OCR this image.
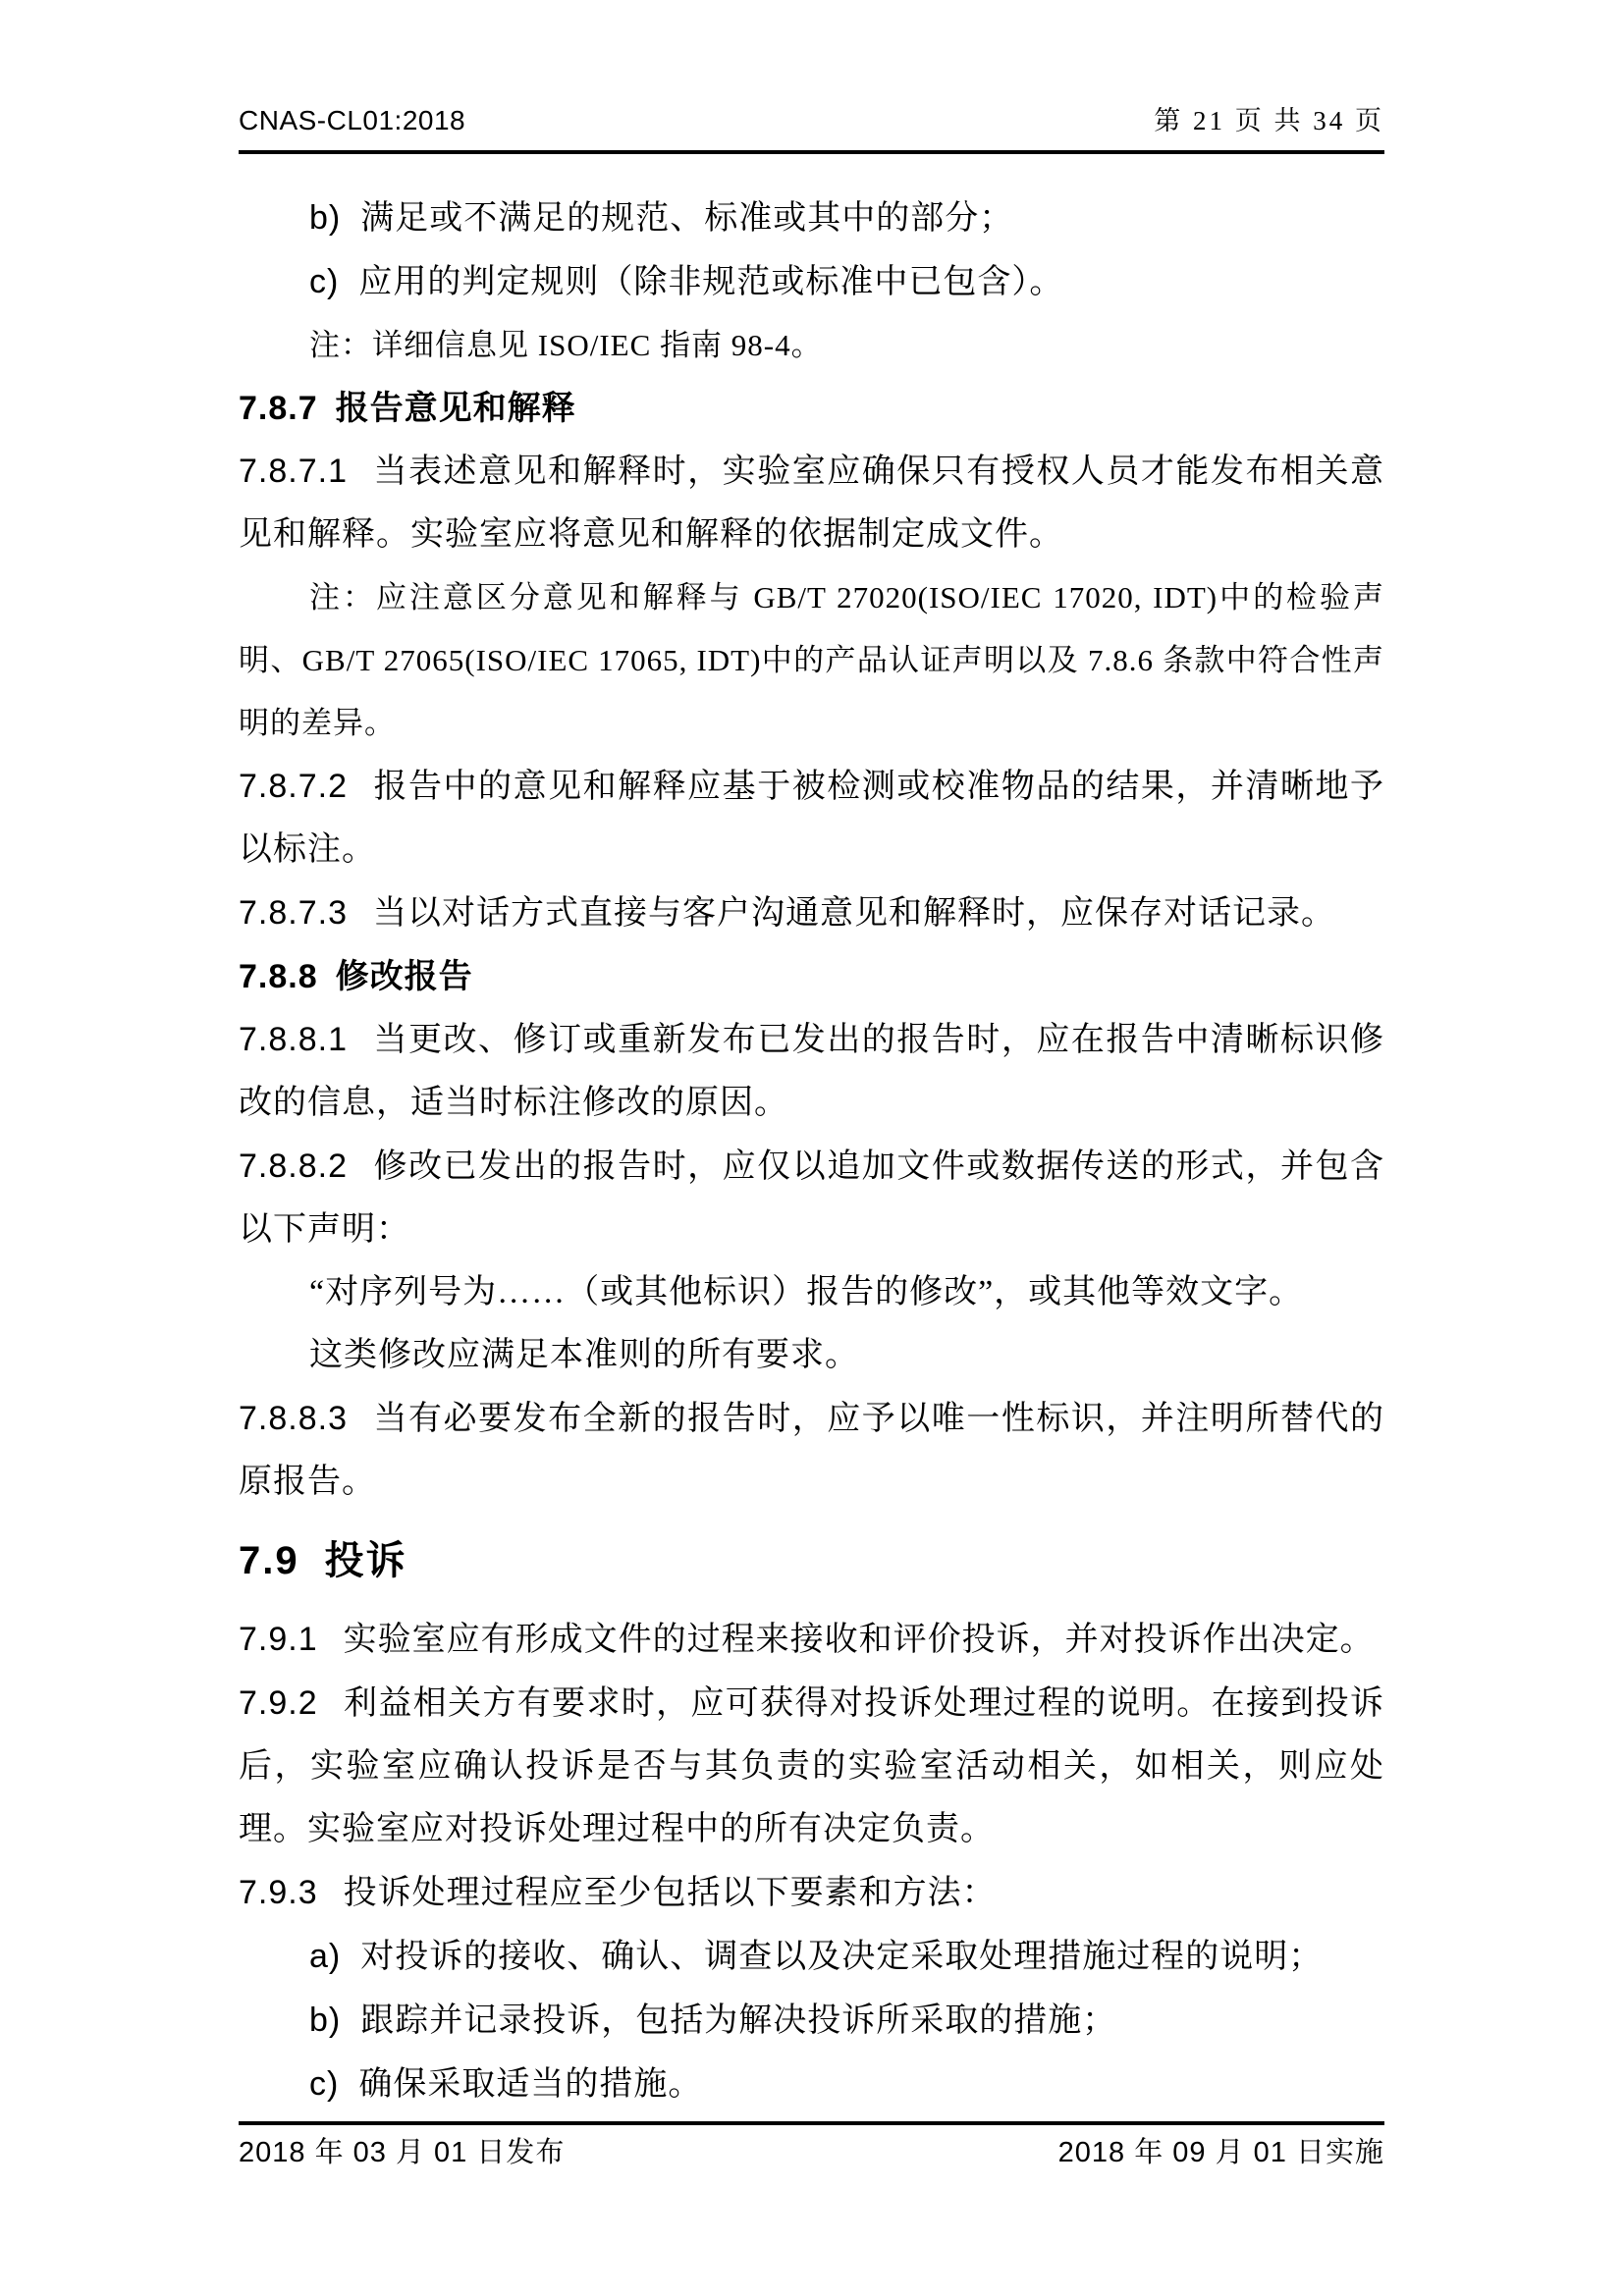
CNAS-CL01:2018	第 21 页 共 34 页

b) 满足或不满足的规范、标准或其中的部分；

c) 应用的判定规则（除非规范或标准中已包含）。

注：详细信息见 ISO/IEC 指南 98-4。

7.8.7 报告意见和解释

7.8.7.1 当表述意见和解释时，实验室应确保只有授权人员才能发布相关意见和解释。实验室应将意见和解释的依据制定成文件。

注：应注意区分意见和解释与 GB/T 27020(ISO/IEC 17020, IDT)中的检验声明、GB/T 27065(ISO/IEC 17065, IDT)中的产品认证声明以及 7.8.6 条款中符合性声明的差异。

7.8.7.2 报告中的意见和解释应基于被检测或校准物品的结果，并清晰地予以标注。

7.8.7.3 当以对话方式直接与客户沟通意见和解释时，应保存对话记录。

7.8.8 修改报告

7.8.8.1 当更改、修订或重新发布已发出的报告时，应在报告中清晰标识修改的信息，适当时标注修改的原因。

7.8.8.2 修改已发出的报告时，应仅以追加文件或数据传送的形式，并包含以下声明：

“对序列号为……（或其他标识）报告的修改”，或其他等效文字。

这类修改应满足本准则的所有要求。

7.8.8.3 当有必要发布全新的报告时，应予以唯一性标识，并注明所替代的原报告。

7.9 投诉

7.9.1 实验室应有形成文件的过程来接收和评价投诉，并对投诉作出决定。

7.9.2 利益相关方有要求时，应可获得对投诉处理过程的说明。在接到投诉后，实验室应确认投诉是否与其负责的实验室活动相关，如相关，则应处理。实验室应对投诉处理过程中的所有决定负责。

7.9.3 投诉处理过程应至少包括以下要素和方法：

a) 对投诉的接收、确认、调查以及决定采取处理措施过程的说明；

b) 跟踪并记录投诉，包括为解决投诉所采取的措施；

c) 确保采取适当的措施。

2018 年 03 月 01 日发布	2018 年 09 月 01 日实施
